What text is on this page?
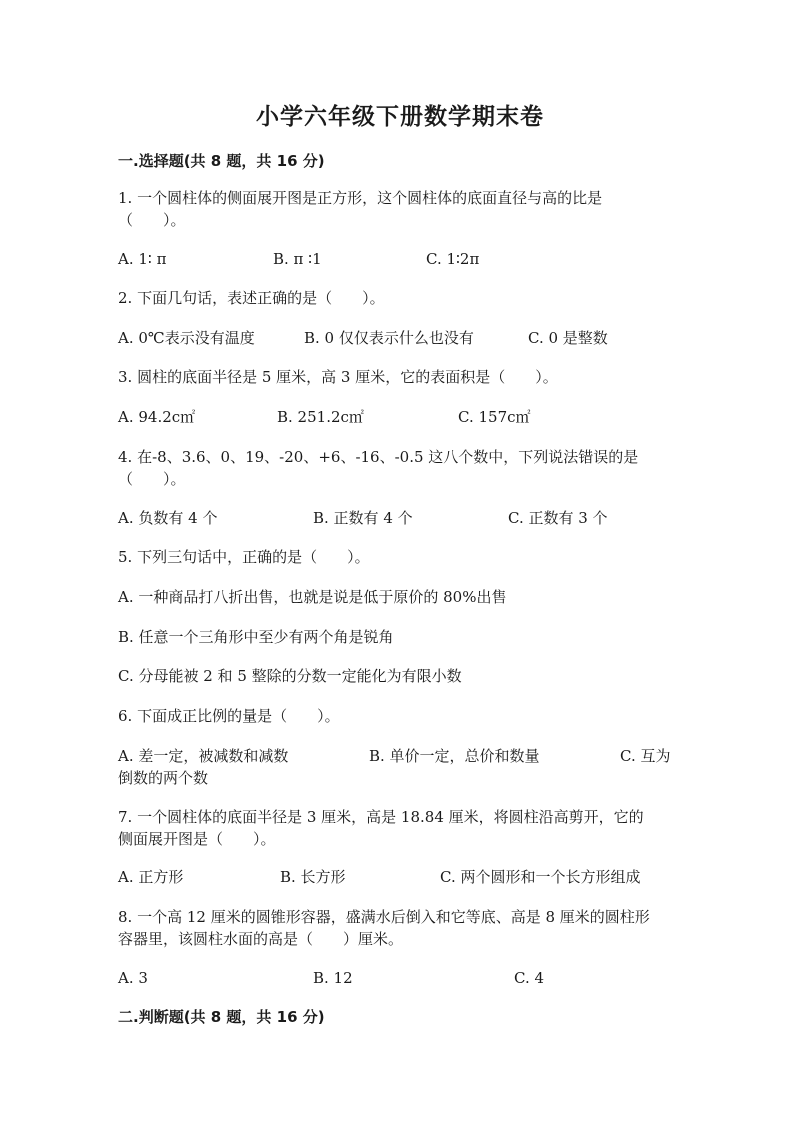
小学六年级下册数学期末卷
一.选择题(共 8 题，共 16 分)
1. 一个圆柱体的侧面展开图是正方形，这个圆柱体的底面直径与高的比是
（　　）。
A. 1∶ π	B. π ∶1	C. 1∶2π
2. 下面几句话，表述正确的是（　　）。
A. 0℃表示没有温度	B. 0 仅仅表示什么也没有	C. 0 是整数
3. 圆柱的底面半径是 5 厘米，高 3 厘米，它的表面积是（　　）。
A. 94.2c㎡	B. 251.2c㎡	C. 157c㎡
4. 在-8、3.6、0、19、-20、+6、-16、-0.5 这八个数中，下列说法错误的是
（　　）。
A. 负数有 4 个	B. 正数有 4 个	C. 正数有 3 个
5. 下列三句话中，正确的是（　　）。
A. 一种商品打八折出售，也就是说是低于原价的 80%出售
B. 任意一个三角形中至少有两个角是锐角
C. 分母能被 2 和 5 整除的分数一定能化为有限小数
6. 下面成正比例的量是（　　）。
A. 差一定，被减数和减数	B. 单价一定，总价和数量	C. 互为
倒数的两个数
7. 一个圆柱体的底面半径是 3 厘米，高是 18.84 厘米，将圆柱沿高剪开，它的
侧面展开图是（　　）。
A. 正方形	B. 长方形	C. 两个圆形和一个长方形组成
8. 一个高 12 厘米的圆锥形容器，盛满水后倒入和它等底、高是 8 厘米的圆柱形
容器里，该圆柱水面的高是（　　）厘米。
A. 3	B. 12	C. 4
二.判断题(共 8 题，共 16 分)
